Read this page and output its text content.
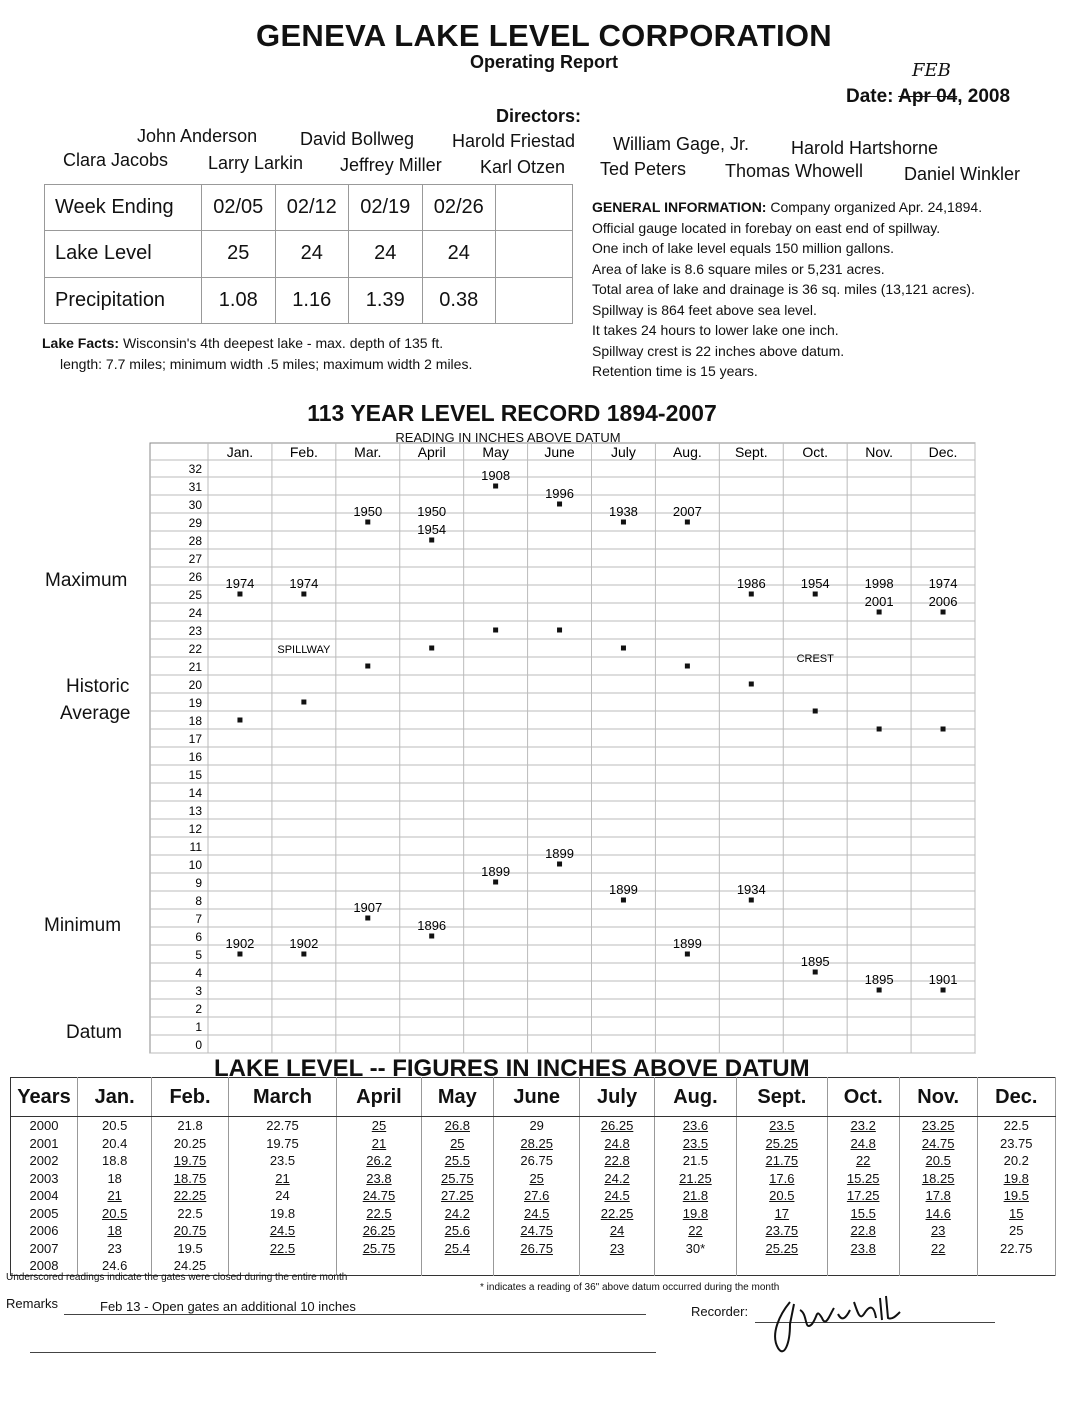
GENEVA LAKE LEVEL CORPORATION
Operating Report	FEB
Date: Apr 04, 2008
Directors:
John Anderson David Bollweg Harold Friestad William Gage, Jr. Harold Hartshorne
Clara Jacobs Larry Larkin Jeffrey Miller Karl Otzen Ted Peters Thomas Whowell Daniel Winkler
Week Ending	02/05	02/12	02/19	02/26	
Lake Level	25	24	24	24	
Precipitation	1.08	1.16	1.39	0.38	
Lake Facts: Wisconsin's 4th deepest lake - max. depth of 135 ft.
length: 7.7 miles; minimum width .5 miles; maximum width 2 miles.
GENERAL INFORMATION: Company organized Apr. 24,1894.
Official gauge located in forebay on east end of spillway.
One inch of lake level equals 150 million gallons.
Area of lake is 8.6 square miles or 5,231 acres.
Total area of lake and drainage is 36 sq. miles (13,121 acres).
Spillway is 864 feet above sea level.
It takes 24 hours to lower lake one inch.
Spillway crest is 22 inches above datum.
Retention time is 15 years.
113 YEAR LEVEL RECORD 1894-2007
READING IN INCHES ABOVE DATUM
Maximum
Historic
Average
Minimum
Datum
0
1
2
3
4
5
6
7
8
9
10
11
12
13
14
15
16
17
18
19
20
21
22
23
24
25
26
27
28
29
30
31
32
Jan.	Feb.	Mar.	April	May	June	July	Aug. Sept. Oct.	Nov.	Dec.
1974	1974
1950	1950
1954
1908
1996
1938	2007
1986	1954	1998
2001
1974
2006
1902	1902
1907
1896
1899
1899
1899
1899
1934
1895
1895	1901
SPILLWAY
CREST
LAKE LEVEL -- FIGURES IN INCHES ABOVE DATUM
Years	Jan.	Feb.	March	April	May	June	July	Aug.	Sept.	Oct.	Nov.	Dec.
2000	20.5	21.8	22.75	25	26.8	29	26.25	23.6	23.5	23.2	23.25	22.5
2001	20.4	20.25	19.75	21	25	28.25	24.8	23.5	25.25	24.8	24.75	23.75
2002	18.8	19.75	23.5	26.2	25.5	26.75	22.8	21.5	21.75	22	20.5	20.2
2003	18	18.75	21	23.8	25.75	25	24.2	21.25	17.6	15.25	18.25	19.8
2004	21	22.25	24	24.75	27.25	27.6	24.5	21.8	20.5	17.25	17.8	19.5
2005	20.5	22.5	19.8	22.5	24.2	24.5	22.25	19.8	17	15.5	14.6	15
2006	18	20.75	24.5	26.25	25.6	24.75	24	22	23.75	22.8	23	25
2007	23	19.5	22.5	25.75	25.4	26.75	23	30*	25.25	23.8	22	22.75
2008	24.6	24.25										
Underscored readings indicate the gates were closed during the entire month
* indicates a reading of 36" above datum occurred during the month
Remarks	Feb 13 - Open gates an additional 10 inches	Recorder:
